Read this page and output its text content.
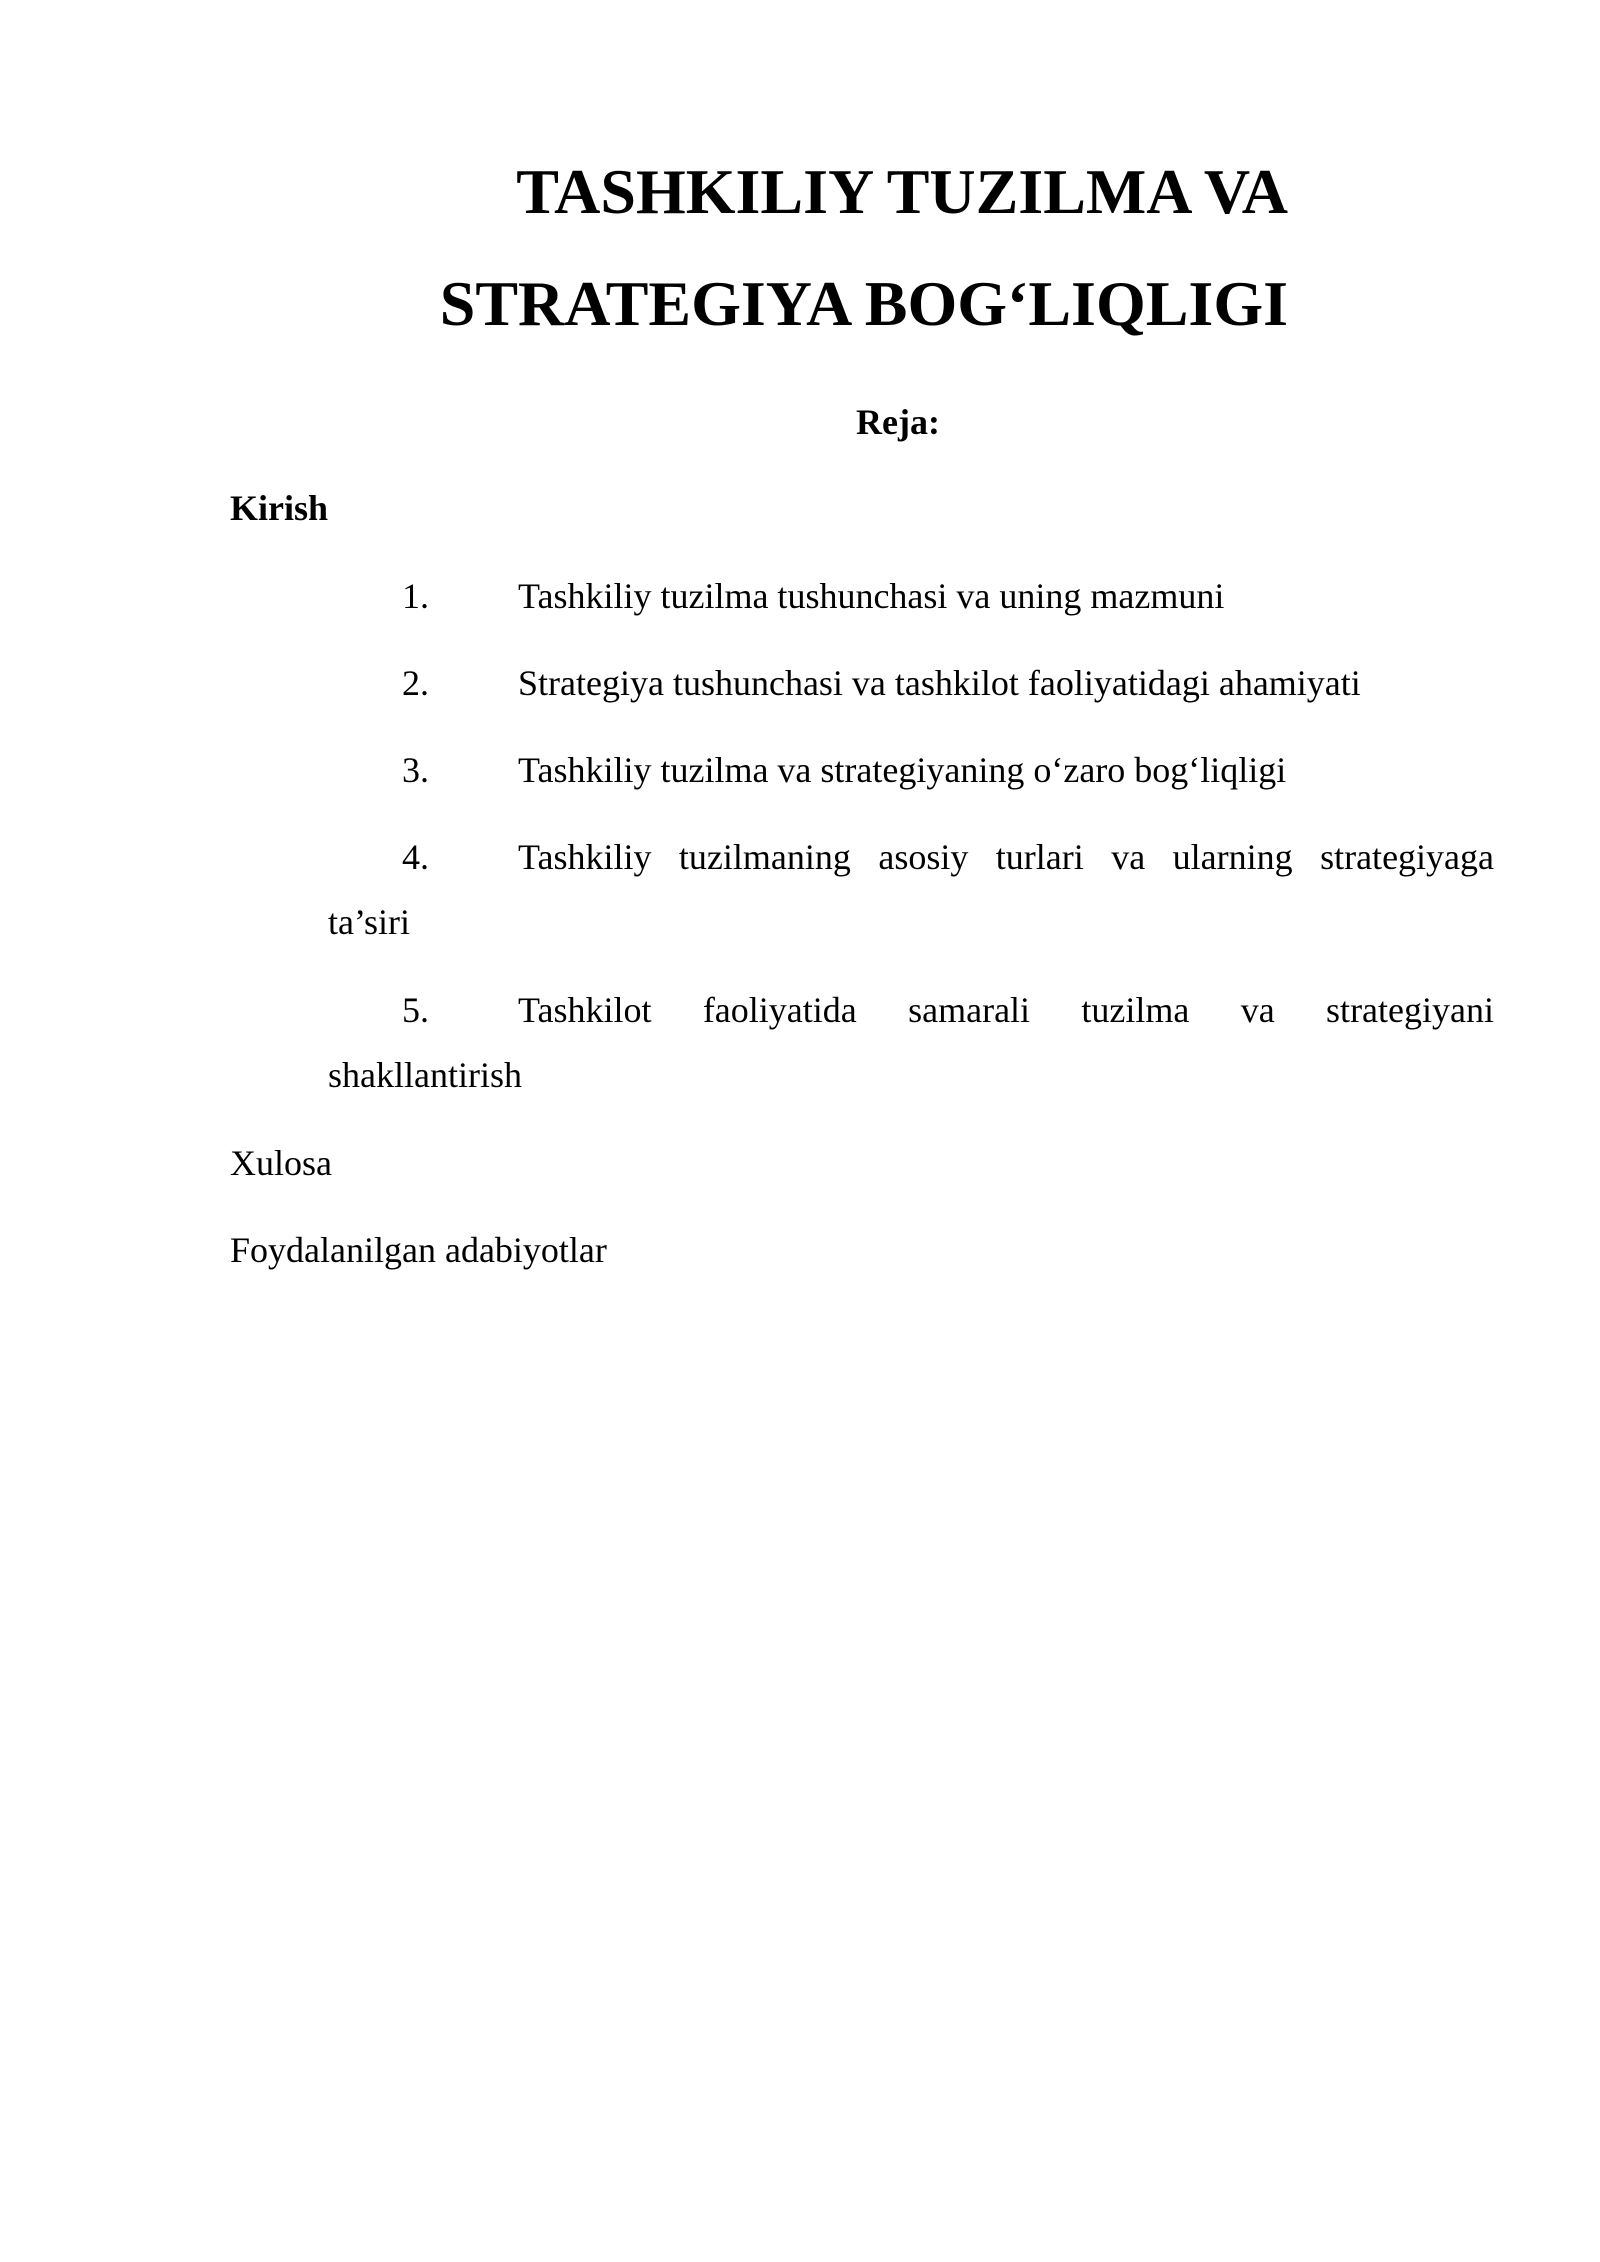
TASHKILIY TUZILMA VA
STRATEGIYA BOG‘LIQLIGI
Reja:
Kirish
1. Tashkiliy tuzilma tushunchasi va uning mazmuni
2. Strategiya tushunchasi va tashkilot faoliyatidagi ahamiyati
3. Tashkiliy tuzilma va strategiyaning o‘zaro bog‘liqligi
4. Tashkiliy tuzilmaning asosiy turlari va ularning strategiyaga
ta’siri
5. Tashkilot faoliyatida samarali tuzilma va strategiyani
shakllantirish
Xulosa
Foydalanilgan adabiyotlar
